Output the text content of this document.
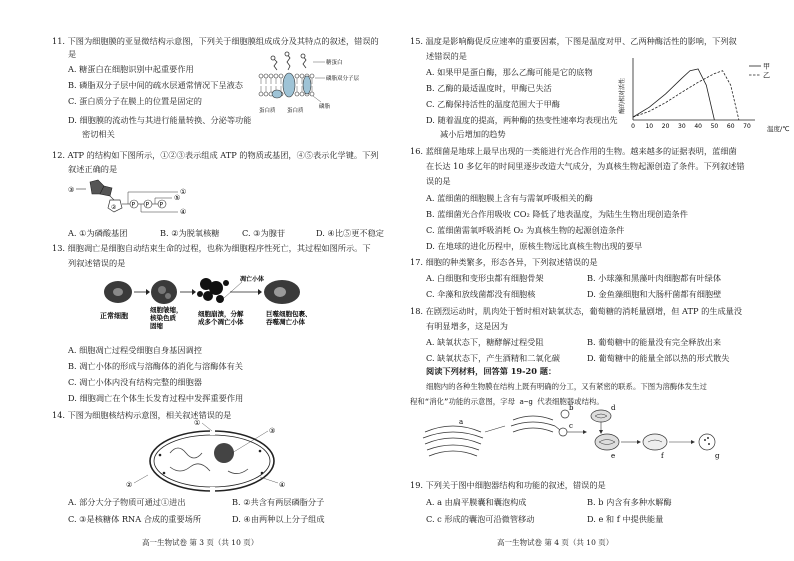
11. 下图为细胞膜的亚显微结构示意图，下列关于细胞膜组成成分及其特点的叙述，错误的
是
A. 糖蛋白在细胞识别中起重要作用
B. 磷脂双分子层中间的疏水层通常情况下呈液态
C. 蛋白质分子在膜上的位置是固定的
D. 细胞膜的流动性与其进行能量转换、分泌等功能
密切相关
糖蛋白
磷脂双分子层
磷脂
蛋白质 蛋白质
12. ATP 的结构如下图所示，①②③表示组成 ATP 的物质或基团，④⑤表示化学键。下列
叙述正确的是
③
②	P P P
①
⑤
④
A. ①为磷酸基团	B. ②为脱氧核糖	C. ③为腺苷	D. ④比⑤更不稳定
13. 细胞凋亡是细胞自动结束生命的过程，也称为细胞程序性死亡，其过程如图所示。下
列叙述错误的是
正常细胞
细胞皱缩，
核染色质
固缩
细胞崩溃，分解
成多个凋亡小体
凋亡小体
巨噬细胞包裹、
吞噬凋亡小体
A. 细胞凋亡过程受细胞自身基因调控
B. 凋亡小体的形成与溶酶体的消化与溶酶体有关
C. 凋亡小体内没有结构完整的细胞器
D. 细胞凋亡在个体生长发育过程中发挥重要作用
14. 下图为细胞核结构示意图，相关叙述错误的是
①
③
②	④
A. 部分大分子物质可通过①进出	B. ②共含有两层磷脂分子
C. ③是核糖体 RNA 合成的重要场所	D. ④由两种以上分子组成
高一生物试卷 第 3 页（共 10 页）
15. 温度是影响酶促反应速率的重要因素，下图是温度对甲、乙两种酶活性的影响，下列叙
述错误的是
A. 如果甲是蛋白酶，那么乙酶可能是它的底物
B. 乙酶的最适温度时，甲酶已失活
C. 乙酶保持活性的温度范围大于甲酶
D. 随着温度的提高，两种酶的热变性速率均表现出先
减小后增加的趋势
酶的相对活性
温度/℃
0 10 20 30 40 50 60 70
甲
乙
16. 蓝细菌是地球上最早出现的一类能进行光合作用的生物。越来越多的证据表明，蓝细菌
在长达 10 多亿年的时间里逐步改造大气成分，为真核生物起源创造了条件。下列叙述错
误的是
A. 蓝细菌的细胞膜上含有与需氧呼吸相关的酶
B. 蓝细菌光合作用吸收 CO₂ 降低了地表温度，为陆生生物出现创造条件
C. 蓝细菌需氧呼吸消耗 O₂ 为真核生物的起源创造条件
D. 在地球的进化历程中，原核生物远比真核生物出现的要早
17. 细胞的种类繁多，形态各异，下列叙述错误的是
A. 白细胞和变形虫都有细胞骨架	B. 小球藻和黑藻叶肉细胞都有叶绿体
C. 伞藻和放线菌都没有细胞核	D. 金鱼藻细胞和大肠杆菌都有细胞壁
18. 在剧烈运动时，肌肉处于暂时相对缺氧状态，葡萄糖的消耗量剧增，但 ATP 的生成量没
有明显增多，这是因为
A. 缺氧状态下，糖酵解过程受阻	B. 葡萄糖中的能量没有完全释放出来
C. 缺氧状态下，产生酒精和二氧化碳	D. 葡萄糖中的能量全部以热的形式散失
阅读下列材料，回答第 19-20 题：
细胞内的各种生物膜在结构上既有明确的分工，又有紧密的联系。下图为溶酶体发生过
程和“消化”功能的示意图，字母 a~g 代表细胞器或结构。
a
b
c
d
e	f	g
19. 下列关于图中细胞器结构和功能的叙述，错误的是
A. a 由扁平膜囊和囊泡构成	B. b 内含有多种水解酶
C. c 形成的囊泡可沿微管移动	D. e 和 f 中提供能量
高一生物试卷 第 4 页（共 10 页）
